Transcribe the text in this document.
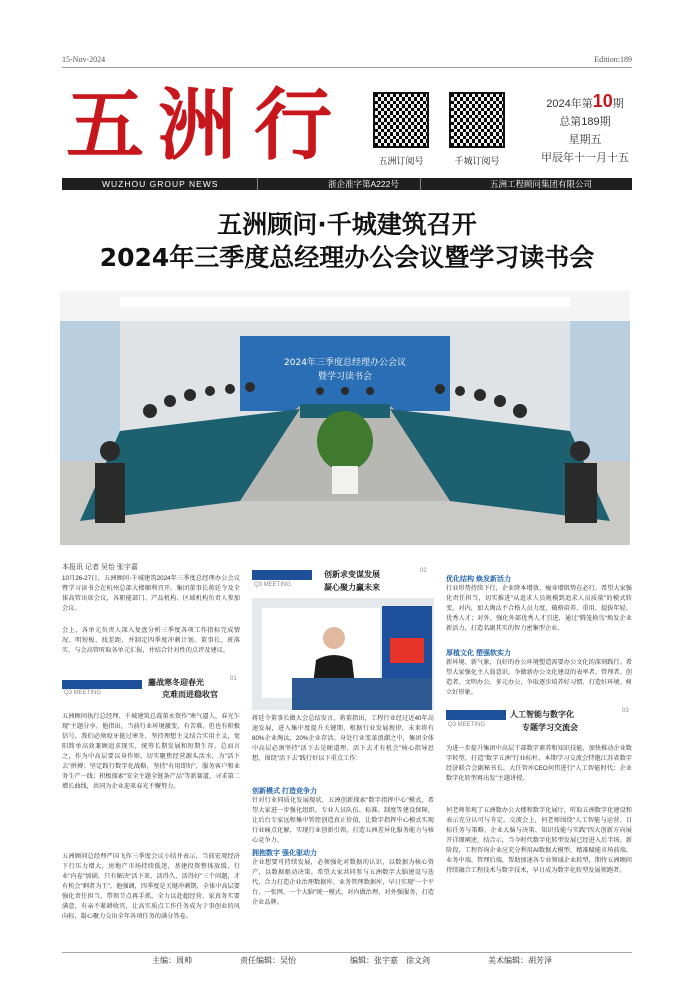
15-Nov-2024	Edition:189
五 洲 行	五洲订阅号	千城订阅号
2024年第10期
总第189期
星期五
甲辰年十一月十五
WUZHOU GROUP NEWS	浙企准字第A222号	五洲工程顾问集团有限公司
五洲顾问·千城建筑召开
2024年三季度总经理办公会议暨学习读书会
2024年三季度总经理办公会议
暨学习读书会
本报讯 记者 吴怡 张宇嘉
10月26-27日，五洲顾问·千城建筑2024年三季度总经理办公会议暨学习读书会在杭州总部大楼顺利召开。集团董事长蒋廷令及全体高管出席会议，各职能部门、产品机构、区域机构负责人参加会议。
会上，各单元负责人深入复盘分析三季度各项工作指标完成情况、明短板、找差距，并制定四季度冲刺计划。董事长、班落实，与会高管听取各单元汇报，并结合针对性的点评及建议。
Q3 MEETING
01
鏖战寒冬迎春光
克难而进稳收官
五洲顾问执行总经理、千城建筑总裁董永资作"寒气逼人，春光乍现"主题分享。他指出，当前行业环境激变，有苦难，但也有积极信号，我们必须咬牙挺过寒冬，坚持理想主义结合实用主义，宽阳简单高效兼顾追求现实，统筹长期发展和短期生存。总而言之，作为中高层要以身作则，切实聚焦经营源头活水，为"活下去"拼搏；坚定践行数字化战略，坚持"有用即好"，服务客户和业务生产一线；积极探索"安全主题全链条产品"等新赛道，寻求第二增长曲线，共同为企业迎来春光不懈努力。
五洲顾问总经理严国飞作三季度会议小结并表示，当前宏观经济下行压力增大，房地产市场持续低迷，基建投资整体放缓，行业"内卷"加剧，只有解决"活下来、活得久、活得好"三个问题，才有机会"剩者为王"。他强调，四季度是关键冲刺期，全体中高层要强化责任担当，带领节点再手抓，全力以赴超经营，家真务实要满意，有亲不紧耕收官，让高实质点工作任务成为于事创业的风向标，凝心聚力交出全年各项任务的满分答卷。
Q3 MEETING
02
创新求变谋发展
凝心聚力赢未来
蒋廷令董事长做大会总结发言。蒋董指出，工程行业经过近40年高速发展，进入集中度提升关键期，根据行业发展规律，未来将有80%企业淘汰，20%企业存活。身处行业变革浪潮之中，集团全体中高层必须坚持"活下去是硬道理、活下去才有机会"核心指导思想，围绕"活下去"践行好以下重点工作：
创新模式 打造竞争力
针对行业同质化发展现状，五洲创新探索"数字指挥中心"模式，希望大家进一步强化组织、专业人员队伍、标准、制度等建设保障，让后台专家远程集中管控创造真正价值，让数字指挥中心模式实现行业痛点化解，实现行业创新引领，打造五洲差异化服务能力与核心竞争力。
拥抱数字 强化驱动力
企业想要可持续发展，必须强化对数据的认识，以数据为核心资产，以数据驱动决策。希望大家共同参与五洲数字大脑建设与迭代，合力打造企业治理数据库、业务管理数据库，早日实现"一个平台、一张网、一个大脑"统一模式，对内做治理，对外强服务，打造企业品牌。
优化结构 焕发新活力
行业形势持续下行，企业降本增效、瘦身增肌势在必行。希望大家强化责任担当，切实推进"从追求人员规模到追求人员质量"的模式转变。对内，加大淘汰不合格人员力度，破格培养、重用、提拔年轻、优秀人才；对外，强化外部优秀人才引进，通过"腾笼换鸟"焕发企业新活力，打造名副其实的智力密集型企业。
厚植文化 塑强软实力
新环境、新气象，良好的办公环境塑造需要办公文化的深刻践行。希望大家强化主人翁意识，争做新办公文化建设的表率者、管理者、创造者、文明办公、多元办公，争取逐步培养好习惯、打造好环境、树立好形象。
Q3 MEETING
03
人工智能与数字化
专题学习交流会
为进一步提升集团中高层干部数字素养和知识技能，加快推动企业数字转型，打造"数字五洲"行业标杆。本期学习交流会特邀江苏省数字经济联合会副秘书长、大任智库CEO何伟进行"人工智能时代：企业数字化转型再出发"主题讲授。
何老师参观了五洲数办公大楼和数字化展厅，听取五洲数字化建设和表示充分认可与肯定。交流会上，何老师围绕"人工智能与运营、目标任务与策略、企业大脑与决策、知识技能与实践"四大创新方向展开详细阐述，结合示，当今时代数字化转型发展已经进入后半场、新阶段，工程咨询企业应充分利用AI数据大模型，精准赋能市场前端、业务中端、管理后端，帮助加速各专业领域企业转型，期待五洲顾问持续融合工程技术与数字技术，早日成为数字化转型发展领跑者。
主编：周帅	责任编辑：吴怡	编辑：张宇嘉　徐文剑	美术编辑：胡芳泽
